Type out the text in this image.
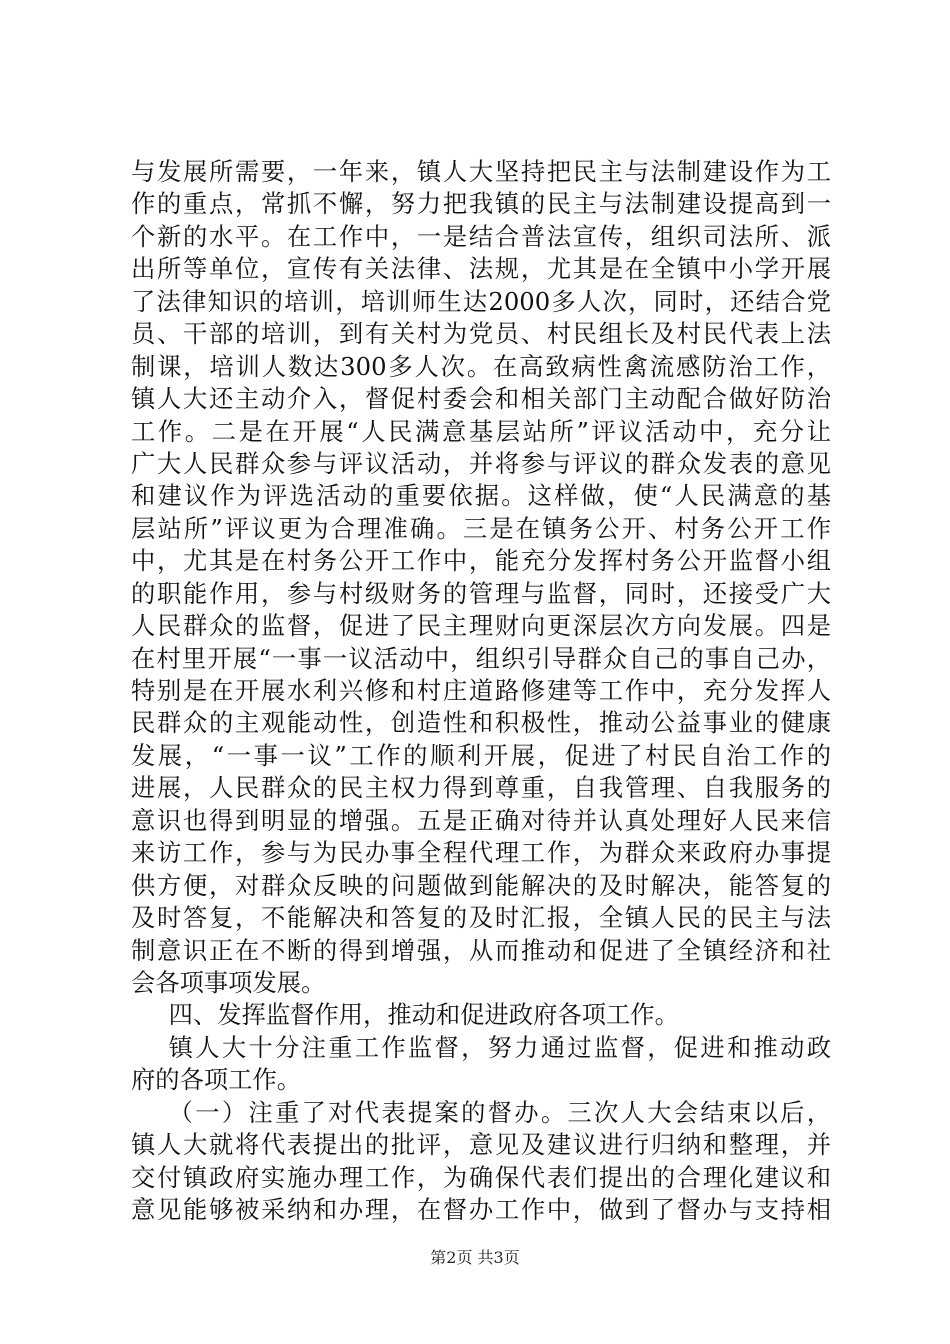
与发展所需要，一年来，镇人大坚持把民主与法制建设作为工
作的重点，常抓不懈，努力把我镇的民主与法制建设提高到一
个新的水平。在工作中，一是结合普法宣传，组织司法所、派
出所等单位，宣传有关法律、法规，尤其是在全镇中小学开展
了法律知识的培训，培训师生达2000多人次，同时，还结合党
员、干部的培训，到有关村为党员、村民组长及村民代表上法
制课，培训人数达300多人次。在高致病性禽流感防治工作，
镇人大还主动介入，督促村委会和相关部门主动配合做好防治
工作。二是在开展“人民满意基层站所”评议活动中，充分让
广大人民群众参与评议活动，并将参与评议的群众发表的意见
和建议作为评选活动的重要依据。这样做，使“人民满意的基
层站所”评议更为合理准确。三是在镇务公开、村务公开工作
中，尤其是在村务公开工作中，能充分发挥村务公开监督小组
的职能作用，参与村级财务的管理与监督，同时，还接受广大
人民群众的监督，促进了民主理财向更深层次方向发展。四是
在村里开展“一事一议活动中，组织引导群众自己的事自己办，
特别是在开展水利兴修和村庄道路修建等工作中，充分发挥人
民群众的主观能动性，创造性和积极性，推动公益事业的健康
发展，“一事一议”工作的顺利开展，促进了村民自治工作的
进展，人民群众的民主权力得到尊重，自我管理、自我服务的
意识也得到明显的增强。五是正确对待并认真处理好人民来信
来访工作，参与为民办事全程代理工作，为群众来政府办事提
供方便，对群众反映的问题做到能解决的及时解决，能答复的
及时答复，不能解决和答复的及时汇报，全镇人民的民主与法
制意识正在不断的得到增强，从而推动和促进了全镇经济和社
会各项事项发展。
四、发挥监督作用，推动和促进政府各项工作。
镇人大十分注重工作监督，努力通过监督，促进和推动政
府的各项工作。
（一）注重了对代表提案的督办。三次人大会结束以后，
镇人大就将代表提出的批评，意见及建议进行归纳和整理，并
交付镇政府实施办理工作，为确保代表们提出的合理化建议和
意见能够被采纳和办理，在督办工作中，做到了督办与支持相
第2页 共3页
